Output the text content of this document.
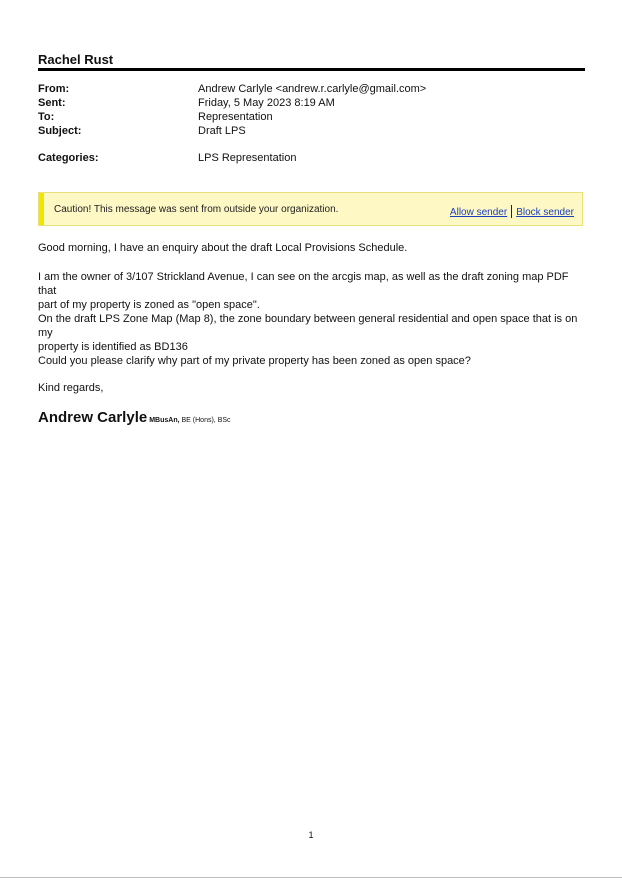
Rachel Rust
From:	Andrew Carlyle <andrew.r.carlyle@gmail.com>
Sent:	Friday, 5 May 2023 8:19 AM
To:	Representation
Subject:	Draft LPS
Categories:	LPS Representation
Caution! This message was sent from outside your organization.	Allow sender Block sender
Good morning, I have an enquiry about the draft Local Provisions Schedule.
I am the owner of 3/107 Strickland Avenue, I can see on the arcgis map, as well as the draft zoning map PDF that
part of my property is zoned as "open space".
On the draft LPS Zone Map (Map 8), the zone boundary between general residential and open space that is on my
property is identified as BD136
Could you please clarify why part of my private property has been zoned as open space?
Kind regards,
Andrew Carlyle MBusAn, BE (Hons), BSc
1
